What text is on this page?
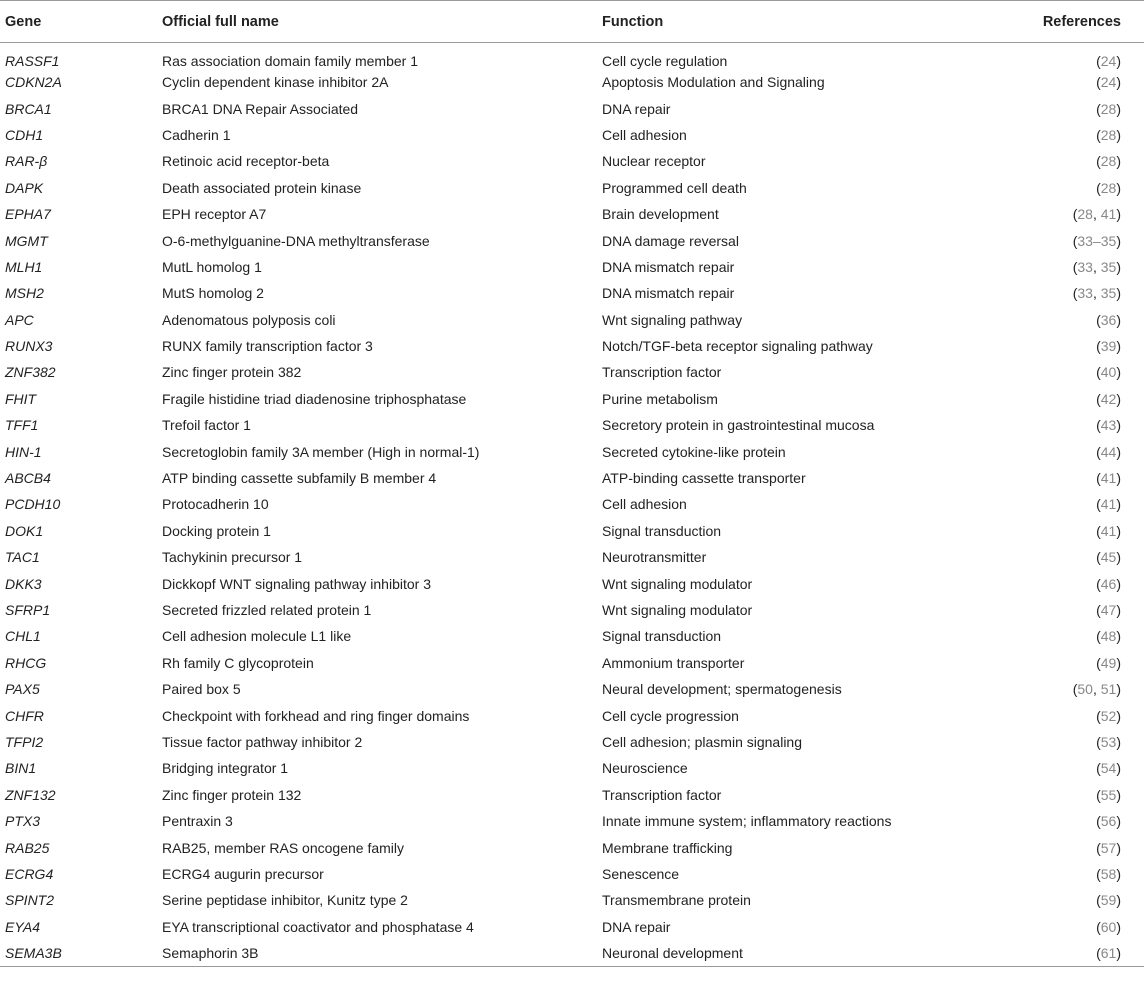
Gene	Official full name	Function	References
RASSF1	Ras association domain family member 1	Cell cycle regulation	(24)
CDKN2A	Cyclin dependent kinase inhibitor 2A	Apoptosis Modulation and Signaling	(24)
BRCA1	BRCA1 DNA Repair Associated	DNA repair	(28)
CDH1	Cadherin 1	Cell adhesion	(28)
RAR-β	Retinoic acid receptor-beta	Nuclear receptor	(28)
DAPK	Death associated protein kinase	Programmed cell death	(28)
EPHA7	EPH receptor A7	Brain development	(28, 41)
MGMT	O-6-methylguanine-DNA methyltransferase	DNA damage reversal	(33–35)
MLH1	MutL homolog 1	DNA mismatch repair	(33, 35)
MSH2	MutS homolog 2	DNA mismatch repair	(33, 35)
APC	Adenomatous polyposis coli	Wnt signaling pathway	(36)
RUNX3	RUNX family transcription factor 3	Notch/TGF-beta receptor signaling pathway	(39)
ZNF382	Zinc finger protein 382	Transcription factor	(40)
FHIT	Fragile histidine triad diadenosine triphosphatase	Purine metabolism	(42)
TFF1	Trefoil factor 1	Secretory protein in gastrointestinal mucosa	(43)
HIN-1	Secretoglobin family 3A member (High in normal-1)	Secreted cytokine-like protein	(44)
ABCB4	ATP binding cassette subfamily B member 4	ATP-binding cassette transporter	(41)
PCDH10	Protocadherin 10	Cell adhesion	(41)
DOK1	Docking protein 1	Signal transduction	(41)
TAC1	Tachykinin precursor 1	Neurotransmitter	(45)
DKK3	Dickkopf WNT signaling pathway inhibitor 3	Wnt signaling modulator	(46)
SFRP1	Secreted frizzled related protein 1	Wnt signaling modulator	(47)
CHL1	Cell adhesion molecule L1 like	Signal transduction	(48)
RHCG	Rh family C glycoprotein	Ammonium transporter	(49)
PAX5	Paired box 5	Neural development; spermatogenesis	(50, 51)
CHFR	Checkpoint with forkhead and ring finger domains	Cell cycle progression	(52)
TFPI2	Tissue factor pathway inhibitor 2	Cell adhesion; plasmin signaling	(53)
BIN1	Bridging integrator 1	Neuroscience	(54)
ZNF132	Zinc finger protein 132	Transcription factor	(55)
PTX3	Pentraxin 3	Innate immune system; inflammatory reactions	(56)
RAB25	RAB25, member RAS oncogene family	Membrane trafficking	(57)
ECRG4	ECRG4 augurin precursor	Senescence	(58)
SPINT2	Serine peptidase inhibitor, Kunitz type 2	Transmembrane protein	(59)
EYA4	EYA transcriptional coactivator and phosphatase 4	DNA repair	(60)
SEMA3B	Semaphorin 3B	Neuronal development	(61)
